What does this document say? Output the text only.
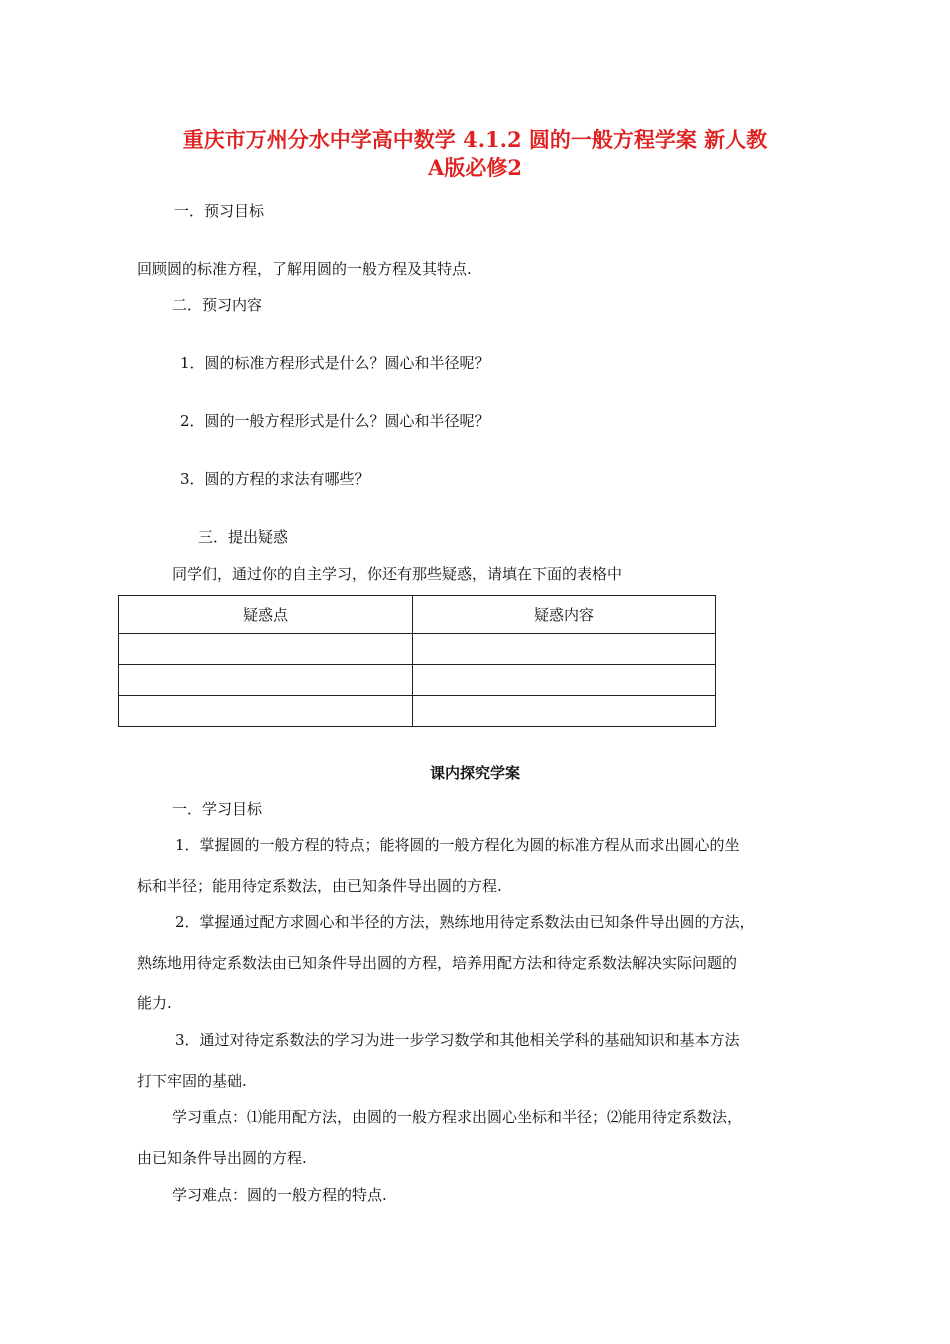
重庆市万州分水中学高中数学 4.1.2 圆的一般方程学案 新人教
A版必修2
一．预习目标
回顾圆的标准方程，了解用圆的一般方程及其特点.
二．预习内容
1．圆的标准方程形式是什么？圆心和半径呢？
2．圆的一般方程形式是什么？圆心和半径呢？
3．圆的方程的求法有哪些？
三．提出疑惑
同学们，通过你的自主学习，你还有那些疑惑，请填在下面的表格中
疑惑点	疑惑内容

课内探究学案
一．学习目标
1．掌握圆的一般方程的特点；能将圆的一般方程化为圆的标准方程从而求出圆心的坐
标和半径；能用待定系数法，由已知条件导出圆的方程.
2．掌握通过配方求圆心和半径的方法，熟练地用待定系数法由已知条件导出圆的方法，
熟练地用待定系数法由已知条件导出圆的方程，培养用配方法和待定系数法解决实际问题的
能力.
3．通过对待定系数法的学习为进一步学习数学和其他相关学科的基础知识和基本方法
打下牢固的基础.
学习重点：⑴能用配方法，由圆的一般方程求出圆心坐标和半径；⑵能用待定系数法，
由已知条件导出圆的方程.
学习难点：圆的一般方程的特点.
